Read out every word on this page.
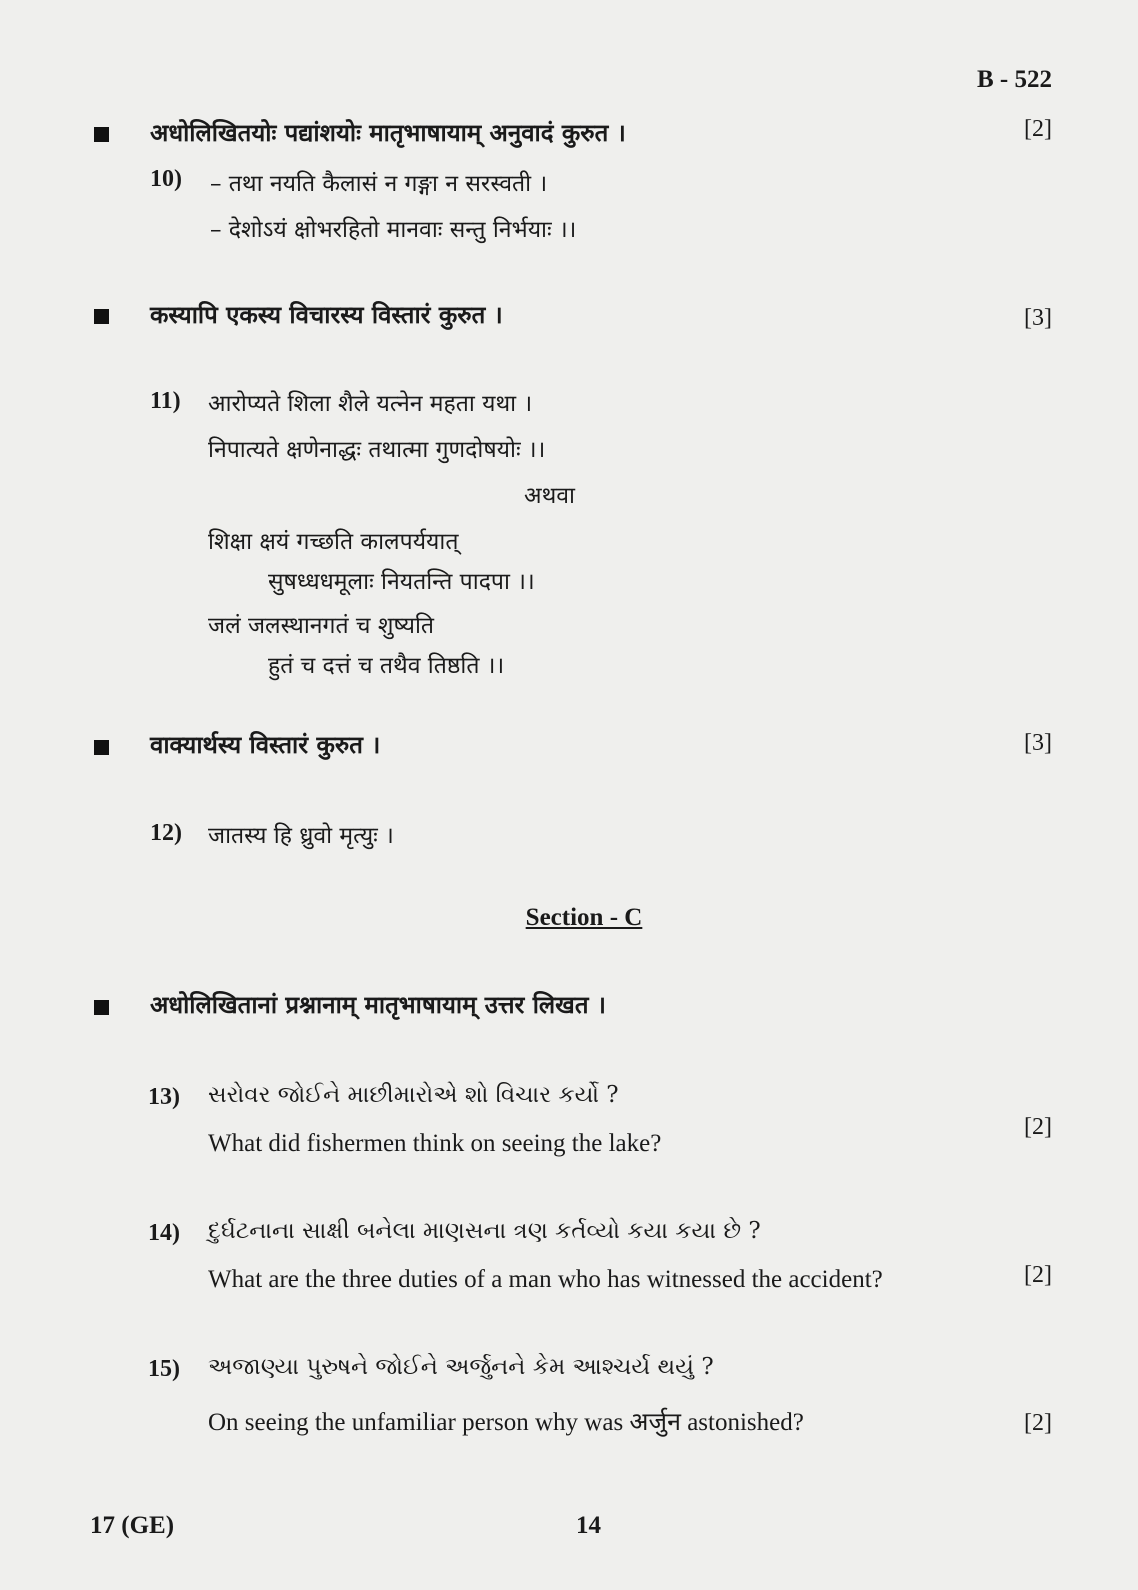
B - 522
अधोलिखितयोः पद्यांशयोः मातृभाषायाम् अनुवादं कुरुत ।	[2]
10) – तथा नयति कैलासं न गङ्गा न सरस्वती ।
– देशोऽयं क्षोभरहितो मानवाः सन्तु निर्भयाः ।।
कस्यापि एकस्य विचारस्य विस्तारं कुरुत ।	[3]
11) आरोप्यते शिला शैले यत्नेन महता यथा ।
निपात्यते क्षणेनाद्धः तथात्मा गुणदोषयोः ।।
अथवा
शिक्षा क्षयं गच्छति कालपर्ययात्
सुषध्धधमूलाः नियतन्ति पादपा ।।
जलं जलस्थानगतं च शुष्यति
हुतं च दत्तं च तथैव तिष्ठति ।।
वाक्यार्थस्य विस्तारं कुरुत ।	[3]
12) जातस्य हि ध्रुवो मृत्युः ।
Section - C
अधोलिखितानां प्रश्नानाम् मातृभाषायाम् उत्तर लिखत ।
13) સરોવર જોઈને માછીમારોએ શો વિચાર કર્યો ?
What did fishermen think on seeing the lake?
[2]
14) દુર્ઘટનાના સાક્ષી બનેલા માણસના ત્રણ કર્તવ્યો કયા કયા છે ?
What are the three duties of a man who has witnessed the accident?	[2]
15) અજાણ્યા પુરુષને જોઈને અર્જુનને કેમ આશ્ચર્ય થયું ?
On seeing the unfamiliar person why was अर्जुन astonished?	[2]
17 (GE)	14
